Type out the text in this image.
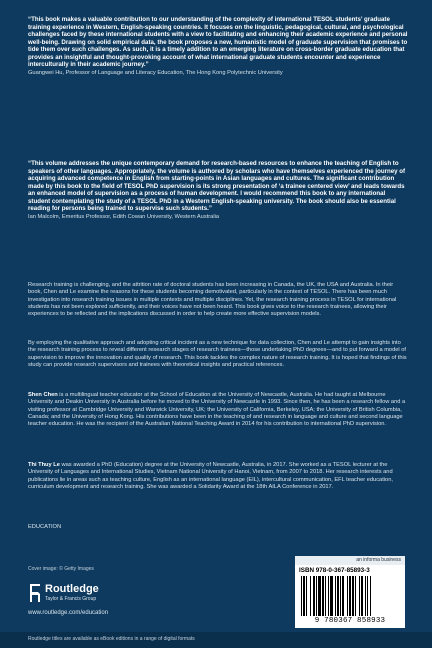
“This book makes a valuable contribution to our understanding of the complexity of international TESOL students’ graduate training experience in Western, English-speaking countries. It focuses on the linguistic, pedagogical, cultural, and psychological challenges faced by these international students with a view to facilitating and enhancing their academic experience and personal well-being. Drawing on solid empirical data, the book proposes a new, humanistic model of graduate supervision that promises to tide them over such challenges. As such, it is a timely addition to an emerging literature on cross-border graduate education that provides an insightful and thought-provoking account of what international graduate students encounter and experience interculturally in their academic journey.”

Guangwei Hu, Professor of Language and Literacy Education, The Hong Kong Polytechnic University

“This volume addresses the unique contemporary demand for research-based resources to enhance the teaching of English to speakers of other languages. Appropriately, the volume is authored by scholars who have themselves experienced the journey of acquiring advanced competence in English from starting-points in Asian languages and cultures. The significant contribution made by this book to the field of TESOL PhD supervision is its strong presentation of ‘a trainee centered view’ and leads towards an enhanced model of supervision as a process of human development. I would recommend this book to any international student contemplating the study of a TESOL PhD in a Western English-speaking university. The book should also be essential reading for persons being trained to supervise such students.”

Ian Malcolm, Emeritus Professor, Edith Cowan University, Western Australia

Research training is challenging, and the attrition rate of doctoral students has been increasing in Canada, the UK, the USA and Australia. In their book, Chen and Le examine the reasons for these students becoming demotivated, particularly in the context of TESOL. There has been much investigation into research training issues in multiple contexts and multiple disciplines. Yet, the research training process in TESOL for international students has not been explored sufficiently, and their voices have not been heard. This book gives voice to the research trainees, allowing their experiences to be reflected and the implications discussed in order to help create more effective supervision models.

By employing the qualitative approach and adopting critical incident as a new technique for data collection, Chen and Le attempt to gain insights into the research training process to reveal different research stages of research trainees—those undertaking PhD degrees—and to put forward a model of supervision to improve the innovation and quality of research. This book tackles the complex nature of research training. It is hoped that findings of this study can provide research supervisors and trainees with theoretical insights and practical references.

Shen Chen is a multilingual teacher educator at the School of Education at the University of Newcastle, Australia. He had taught at Melbourne University and Deakin University in Australia before he moved to the University of Newcastle in 1993. Since then, he has been a research fellow and a visiting professor at Cambridge University and Warwick University, UK; the University of California, Berkeley, USA; the University of British Columbia, Canada; and the University of Hong Kong. His contributions have been in the teaching of and research in language and culture and second language teacher education. He was the recipient of the Australian National Teaching Award in 2014 for his contribution to international PhD supervision.

Thi Thuy Le was awarded a PhD (Education) degree at the University of Newcastle, Australia, in 2017. She worked as a TESOL lecturer at the University of Languages and International Studies, Vietnam National University of Hanoi, Vietnam, from 2007 to 2018. Her research interests and publications lie in areas such as teaching culture, English as an international language (EIL), intercultural communication, EFL teacher education, curriculum development and research training. She was awarded a Solidarity Award at the 18th AILA Conference in 2017.

EDUCATION
Cover image: © Getty Images
Routledge
Taylor & Francis Group
www.routledge.com/education
an informa business
ISBN 978-0-367-85893-3
9 780367 858933
Routledge titles are available as eBook editions in a range of digital formats
